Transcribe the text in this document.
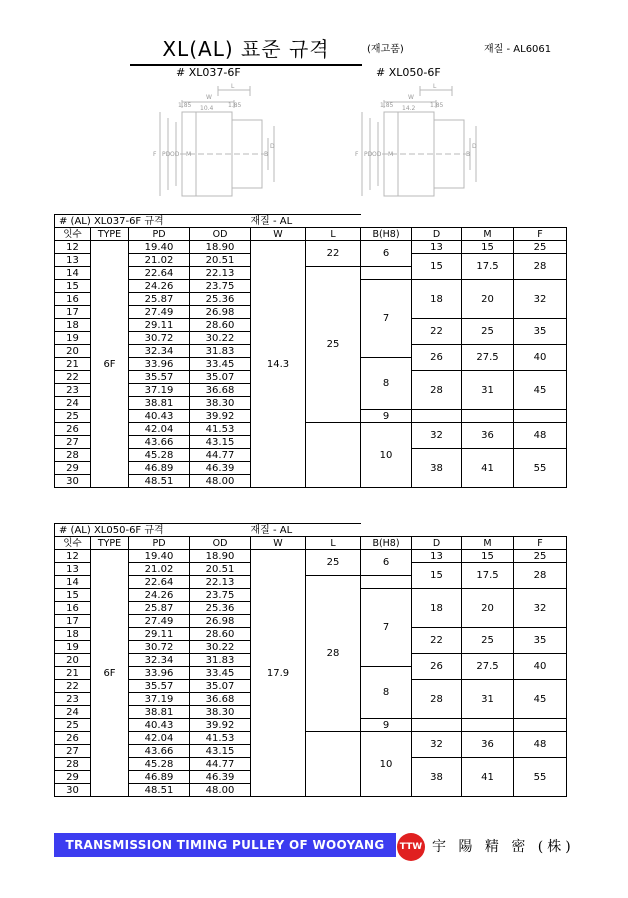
XL(AL) 표준 규격	(재고품)	재질 - AL6061
# XL037-6F	# XL050-6F
L
W
1.85 10.4 1.85
F PD OD	B
D
M
L
W
1.85 14.2 1.85
F PD OD	B
D
M
# (AL) XL037-6F 규격				재질 - AL					
잇수	TYPE	PD	OD	W	L	B(H8)	D	M	F
12	6F	19.40	18.90	14.3	22	6	13	15	25
13		21.02	20.51				15	17.5	28
14		22.64	22.13		25				
15		24.26	23.75			7	18	20	32
16		25.87	25.36						
17		27.49	26.98						
18		29.11	28.60				22	25	35
19		30.72	30.22						
20		32.34	31.83				26	27.5	40
21		33.96	33.45			8			
22		35.57	35.07				28	31	45
23		37.19	36.68						
24		38.81	38.30						
25		40.43	39.92			9			
26		42.04	41.53			10	32	36	48
27		43.66	43.15						
28		45.28	44.77				38	41	55
29		46.89	46.39						
30		48.51	48.00						
# (AL) XL050-6F 규격				재질 - AL					
잇수	TYPE	PD	OD	W	L	B(H8)	D	M	F
12	6F	19.40	18.90	17.9	25	6	13	15	25
13		21.02	20.51				15	17.5	28
14		22.64	22.13		28				
15		24.26	23.75			7	18	20	32
16		25.87	25.36						
17		27.49	26.98						
18		29.11	28.60				22	25	35
19		30.72	30.22						
20		32.34	31.83				26	27.5	40
21		33.96	33.45			8			
22		35.57	35.07				28	31	45
23		37.19	36.68						
24		38.81	38.30						
25		40.43	39.92			9			
26		42.04	41.53			10	32	36	48
27		43.66	43.15						
28		45.28	44.77				38	41	55
29		46.89	46.39						
30		48.51	48.00						
TRANSMISSION TIMING PULLEY OF WOOYANG	TTW 宇 陽 精 密 (株)
